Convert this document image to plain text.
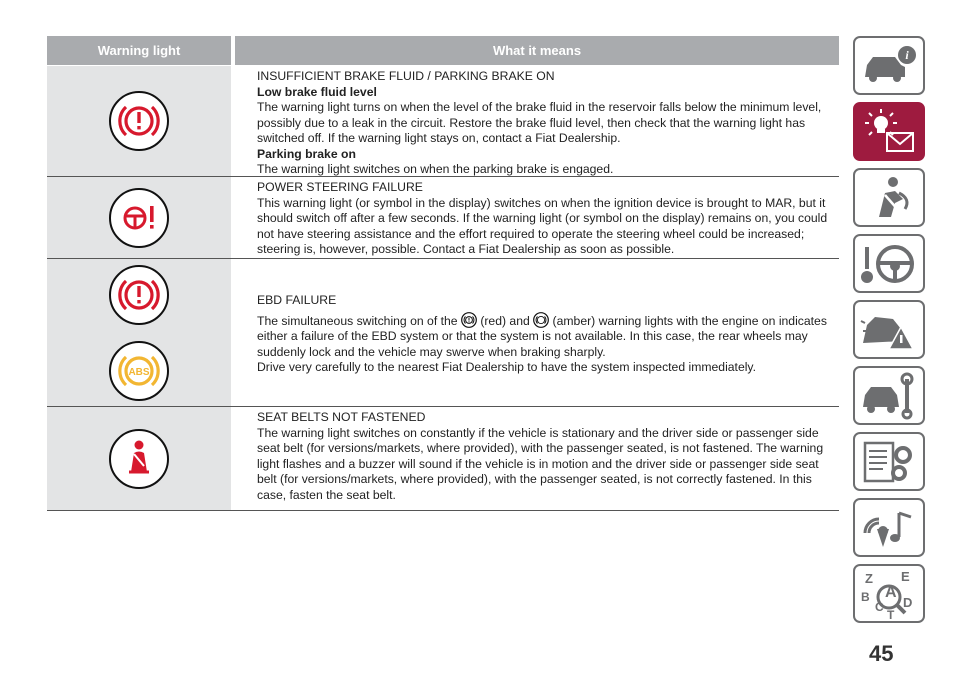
Warning light	What it means
INSUFFICIENT BRAKE FLUID / PARKING BRAKE ON
Low brake fluid level
The warning light turns on when the level of the brake fluid in the reservoir falls below the minimum level, possibly due to a leak in the circuit. Restore the brake fluid level, then check that the warning light has switched off. If the warning light stays on, contact a Fiat Dealership.
Parking brake on
The warning light switches on when the parking brake is engaged.
POWER STEERING FAILURE
This warning light (or symbol in the display) switches on when the ignition device is brought to MAR, but it should switch off after a few seconds. If the warning light (or symbol on the display) remains on, you could not have steering assistance and the effort required to operate the steering wheel could be increased; steering is, however, possible. Contact a Fiat Dealership as soon as possible.
ABS
EBD FAILURE
The simultaneous switching on of the (red) and (amber) warning lights with the engine on indicates either a failure of the EBD system or that the system is not available. In this case, the rear wheels may suddenly lock and the vehicle may swerve when braking sharply.
Drive very carefully to the nearest Fiat Dealership to have the system inspected immediately.
SEAT BELTS NOT FASTENED
The warning light switches on constantly if the vehicle is stationary and the driver side or passenger side seat belt (for versions/markets, where provided), with the passenger seated, is not fastened. The warning light flashes and a buzzer will sound if the vehicle is in motion and the driver side or passenger side seat belt (for versions/markets, where provided), with the passenger seated, is not correctly fastened. In this case, fasten the seat belt.
i
Z E
B A
D
C
T
45
